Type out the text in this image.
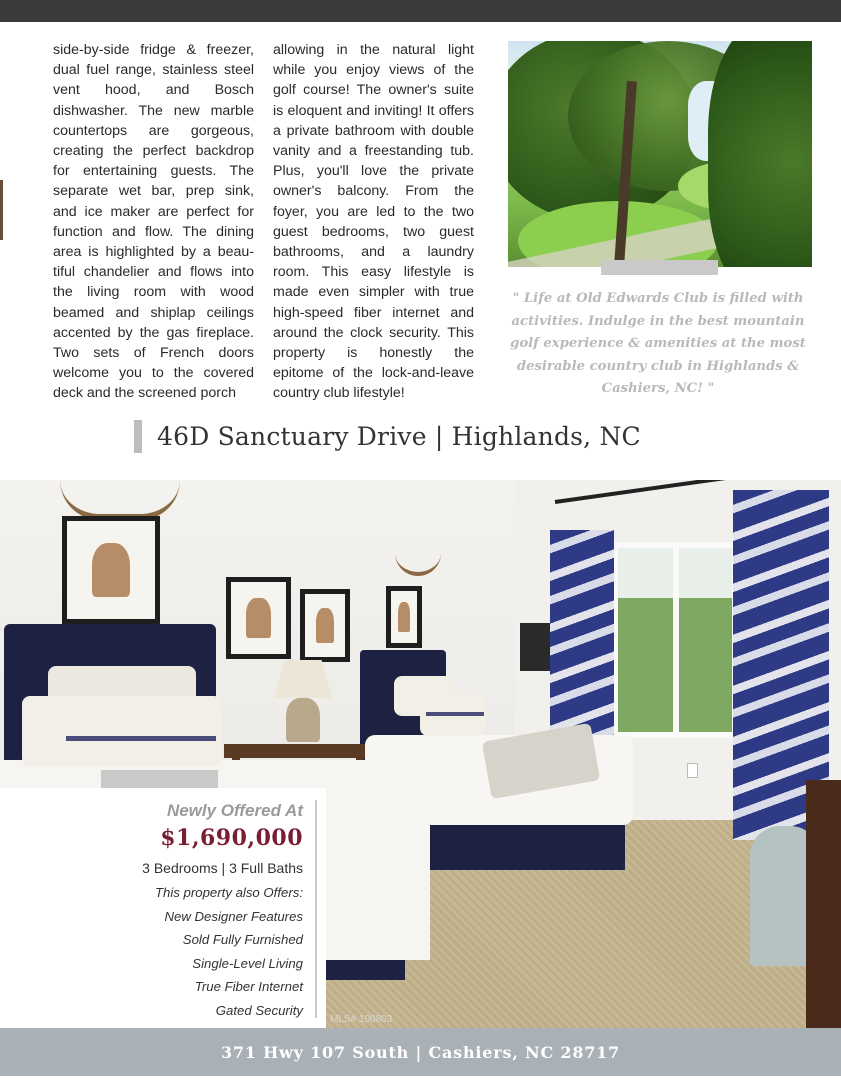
side-by-side fridge & freezer, dual fuel range, stainless steel vent hood, and Bosch dishwasher. The new marble countertops are gorgeous, creating the perfect backdrop for entertaining guests. The separate wet bar, prep sink, and ice maker are perfect for function and flow. The dining area is highlighted by a beautiful chandelier and flows into the living room with wood beamed and shiplap ceilings accented by the gas fireplace. Two sets of French doors welcome you to the covered deck and the screened porch
allowing in the natural light while you enjoy views of the golf course! The owner's suite is eloquent and inviting! It offers a private bathroom with double vanity and a freestanding tub. Plus, you'll love the private owner's balcony. From the foyer, you are led to the two guest bedrooms, two guest bathrooms, and a laundry room. This easy lifestyle is made even simpler with true high-speed fiber internet and around the clock security. This property is honestly the epitome of the lock-and-leave country club lifestyle!
" Life at Old Edwards Club is filled with activities. Indulge in the best mountain golf experience & amenities at the most desirable country club in Highlands & Cashiers, NC! "
46D Sanctuary Drive | Highlands, NC
Newly Offered At
$1,690,000
3 Bedrooms | 3 Full Baths
This property also Offers:
New Designer Features
Sold Fully Furnished
Single-Level Living
True Fiber Internet
Gated Security
MLS# 100803
371 Hwy 107 South | Cashiers, NC 28717
